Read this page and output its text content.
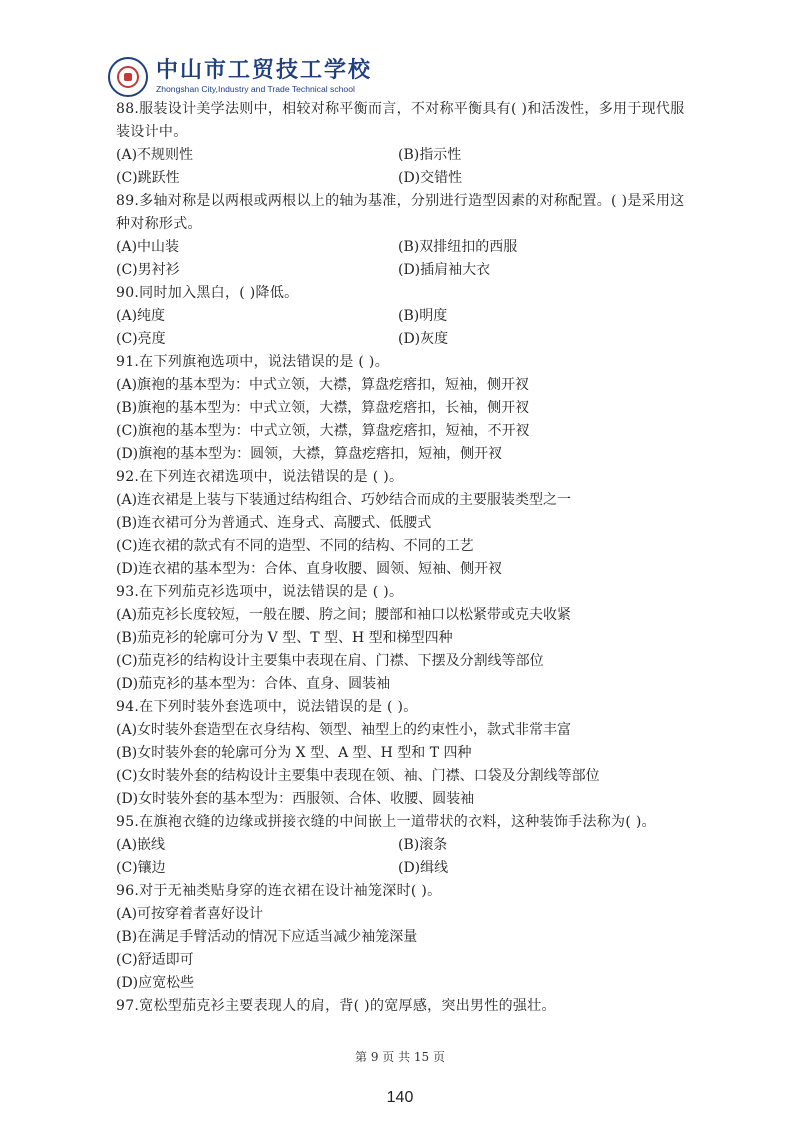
中山市工贸技工学校
Zhongshan City,Industry and Trade Technical school
88.服装设计美学法则中，相较对称平衡而言，不对称平衡具有( )和活泼性，多用于现代服
装设计中。
(A)不规则性	(B)指示性
(C)跳跃性	(D)交错性
89.多轴对称是以两根或两根以上的轴为基准，分别进行造型因素的对称配置。( )是采用这
种对称形式。
(A)中山装	(B)双排纽扣的西服
(C)男衬衫	(D)插肩袖大衣
90.同时加入黑白，( )降低。
(A)纯度	(B)明度
(C)亮度	(D)灰度
91.在下列旗袍选项中，说法错误的是 ( )。
(A)旗袍的基本型为：中式立领，大襟，算盘疙瘩扣，短袖，侧开衩
(B)旗袍的基本型为：中式立领，大襟，算盘疙瘩扣，长袖，侧开衩
(C)旗袍的基本型为：中式立领，大襟，算盘疙瘩扣，短袖，不开衩
(D)旗袍的基本型为：圆领，大襟，算盘疙瘩扣，短袖，侧开衩
92.在下列连衣裙选项中，说法错误的是 ( )。
(A)连衣裙是上装与下装通过结构组合、巧妙结合而成的主要服装类型之一
(B)连衣裙可分为普通式、连身式、高腰式、低腰式
(C)连衣裙的款式有不同的造型、不同的结构、不同的工艺
(D)连衣裙的基本型为：合体、直身收腰、圆领、短袖、侧开衩
93.在下列茄克衫选项中，说法错误的是 ( )。
(A)茄克衫长度较短，一般在腰、胯之间；腰部和袖口以松紧带或克夫收紧
(B)茄克衫的轮廓可分为 V 型、T 型、H 型和梯型四种
(C)茄克衫的结构设计主要集中表现在肩、门襟、下摆及分割线等部位
(D)茄克衫的基本型为：合体、直身、圆装袖
94.在下列时装外套选项中，说法错误的是 ( )。
(A)女时装外套造型在衣身结构、领型、袖型上的约束性小，款式非常丰富
(B)女时装外套的轮廓可分为 X 型、A 型、H 型和 T 四种
(C)女时装外套的结构设计主要集中表现在领、袖、门襟、口袋及分割线等部位
(D)女时装外套的基本型为：西服领、合体、收腰、圆装袖
95.在旗袍衣缝的边缘或拼接衣缝的中间嵌上一道带状的衣料，这种装饰手法称为( )。
(A)嵌线	(B)滚条
(C)镶边	(D)缉线
96.对于无袖类贴身穿的连衣裙在设计袖笼深时( )。
(A)可按穿着者喜好设计
(B)在满足手臂活动的情况下应适当减少袖笼深量
(C)舒适即可
(D)应宽松些
97.宽松型茄克衫主要表现人的肩，背( )的宽厚感，突出男性的强壮。
第 9 页 共 15 页
140
